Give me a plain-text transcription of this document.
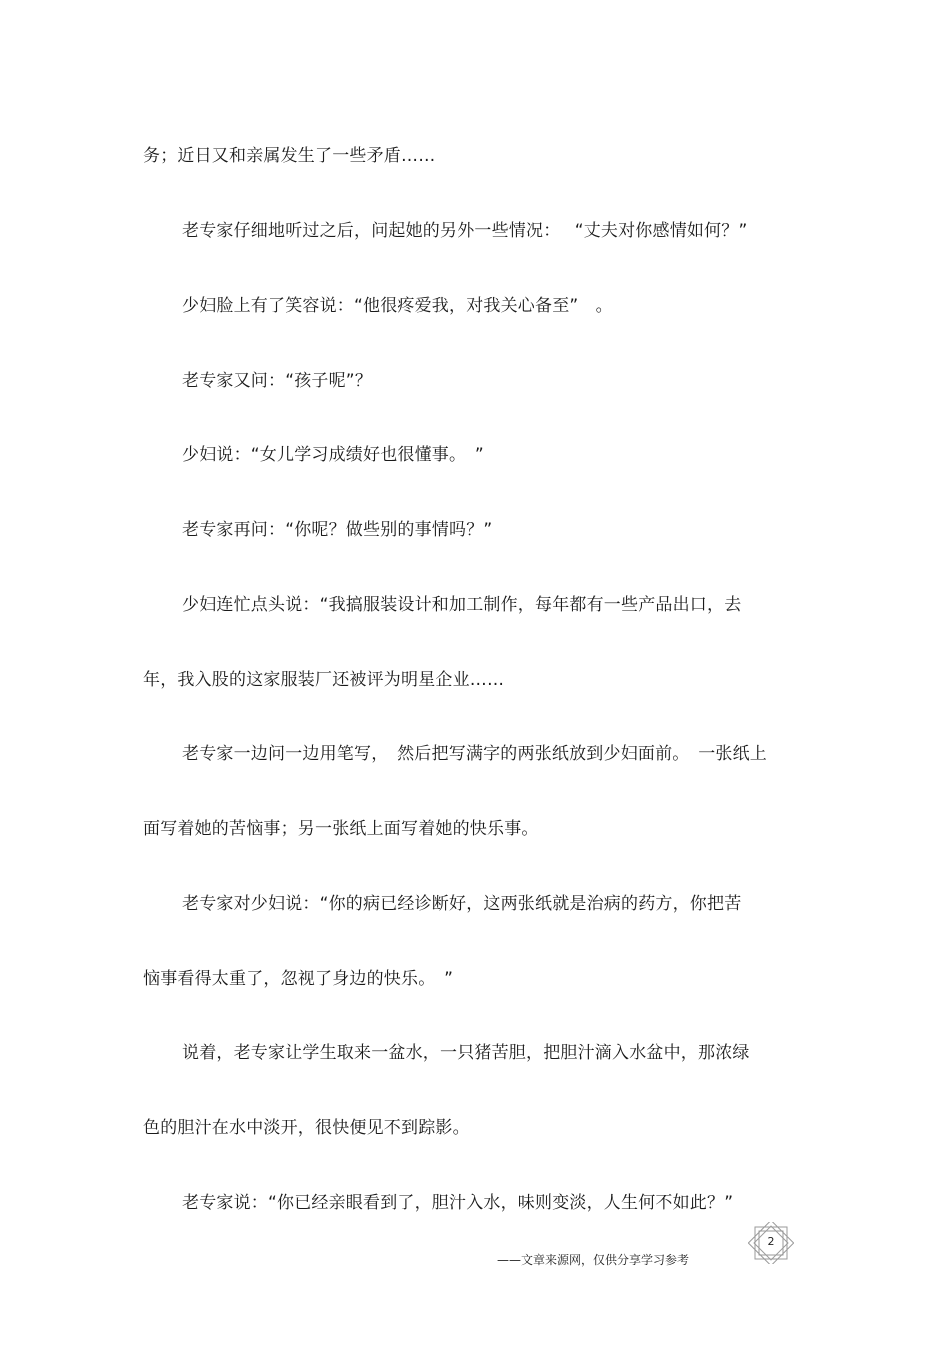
务；近日又和亲属发生了一些矛盾……
老专家仔细地听过之后，问起她的另外一些情况：　 “丈夫对你感情如何？”
少妇脸上有了笑容说：“他很疼爱我，对我关心备至”　。
老专家又问：“孩子呢”？
少妇说：“女儿学习成绩好也很懂事。　”
老专家再问：“你呢？做些别的事情吗？”
少妇连忙点头说：“我搞服装设计和加工制作，每年都有一些产品出口，去
年，我入股的这家服装厂还被评为明星企业……
老专家一边问一边用笔写，　然后把写满字的两张纸放到少妇面前。　一张纸上
面写着她的苦恼事；另一张纸上面写着她的快乐事。
老专家对少妇说：“你的病已经诊断好，这两张纸就是治病的药方，你把苦
恼事看得太重了，忽视了身边的快乐。　”
说着，老专家让学生取来一盆水，一只猪苦胆，把胆汁滴入水盆中，那浓绿
色的胆汁在水中淡开，很快便见不到踪影。
老专家说：“你已经亲眼看到了，胆汁入水，味则变淡，人生何不如此？”
——文章来源网，仅供分享学习参考
2
